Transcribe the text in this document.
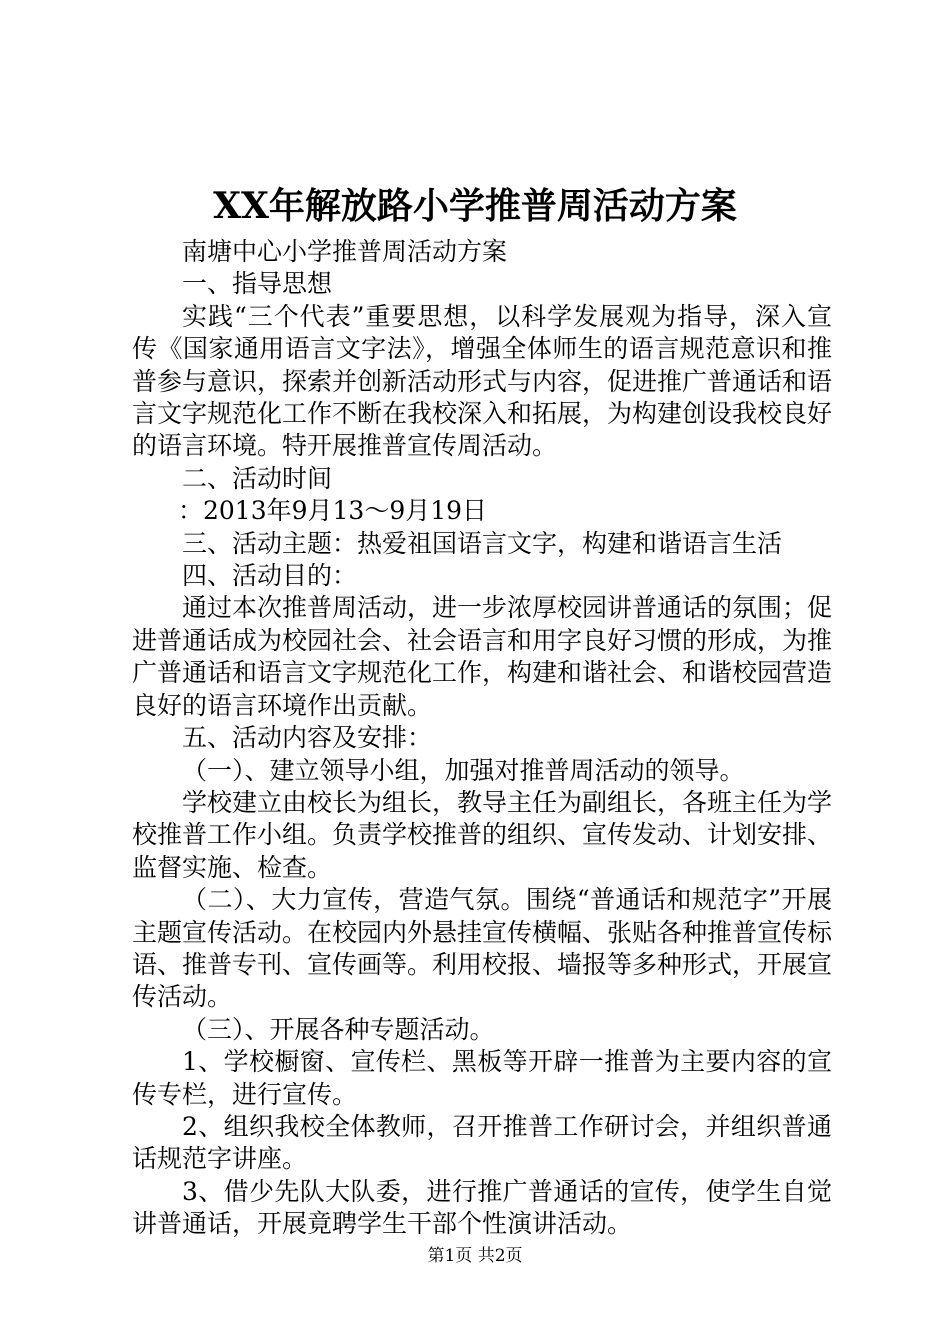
XX年解放路小学推普周活动方案

南塘中心小学推普周活动方案

一、指导思想

实践“三个代表”重要思想，以科学发展观为指导，深入宣传《国家通用语言文字法》，增强全体师生的语言规范意识和推普参与意识，探索并创新活动形式与内容，促进推广普通话和语言文字规范化工作不断在我校深入和拓展，为构建创设我校良好的语言环境。特开展推普宣传周活动。

二、活动时间

：2013年9月13～9月19日

三、活动主题：热爱祖国语言文字，构建和谐语言生活

四、活动目的：

通过本次推普周活动，进一步浓厚校园讲普通话的氛围；促进普通话成为校园社会、社会语言和用字良好习惯的形成，为推广普通话和语言文字规范化工作，构建和谐社会、和谐校园营造良好的语言环境作出贡献。

五、活动内容及安排：

（一）、建立领导小组，加强对推普周活动的领导。

学校建立由校长为组长，教导主任为副组长，各班主任为学校推普工作小组。负责学校推普的组织、宣传发动、计划安排、监督实施、检查。

（二）、大力宣传，营造气氛。围绕“普通话和规范字”开展主题宣传活动。在校园内外悬挂宣传横幅、张贴各种推普宣传标语、推普专刊、宣传画等。利用校报、墙报等多种形式，开展宣传活动。

（三）、开展各种专题活动。

1、学校橱窗、宣传栏、黑板等开辟一推普为主要内容的宣传专栏，进行宣传。

2、组织我校全体教师，召开推普工作研讨会，并组织普通话规范字讲座。

3、借少先队大队委，进行推广普通话的宣传，使学生自觉讲普通话，开展竟聘学生干部个性演讲活动。

第1页 共2页
